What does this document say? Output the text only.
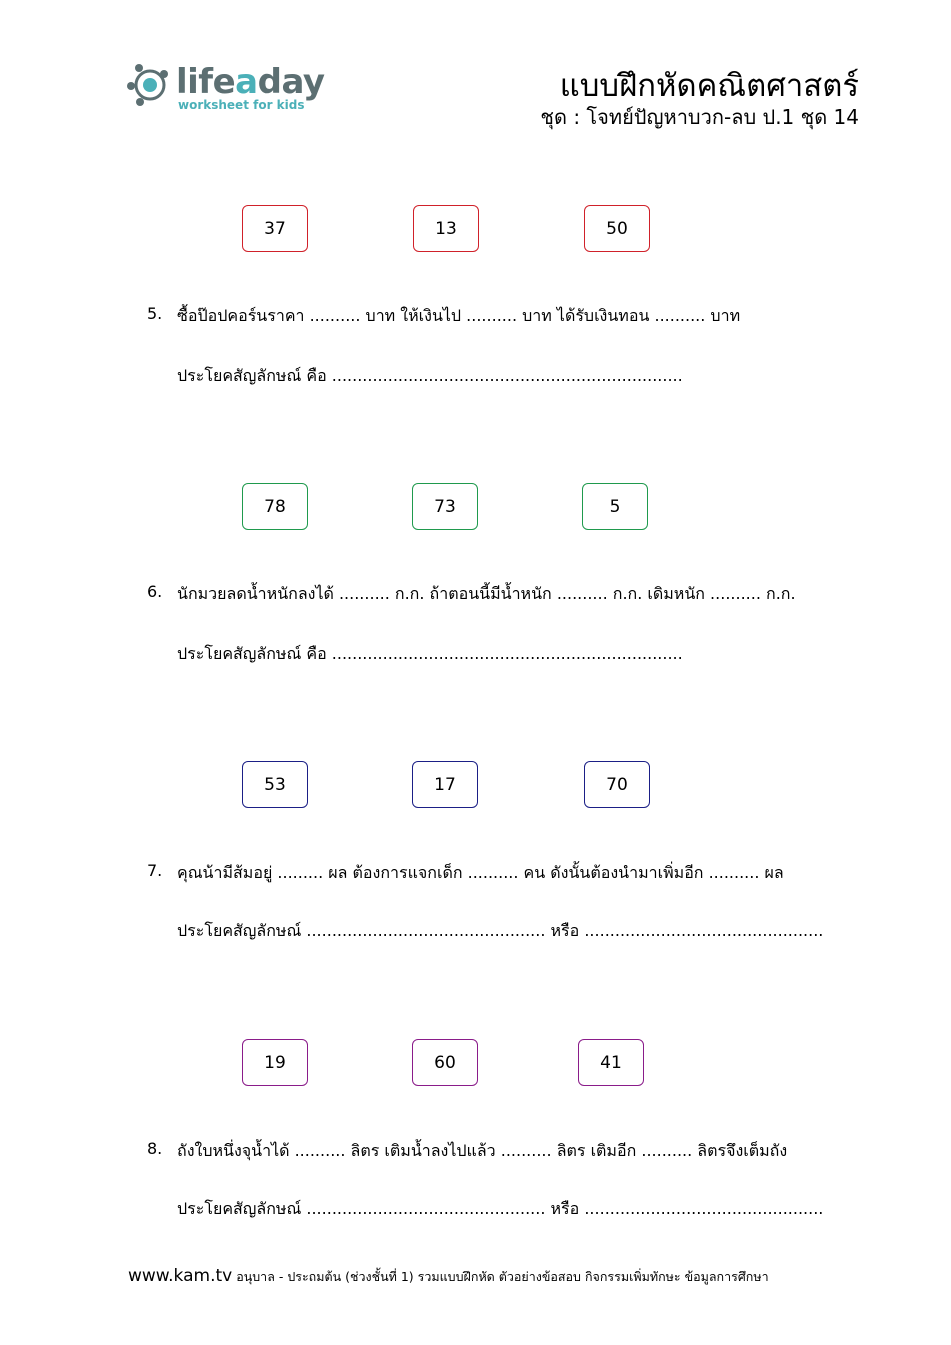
lifeaday
worksheet for kids
แบบฝึกหัดคณิตศาสตร์
ชุด : โจทย์ปัญหาบวก-ลบ ป.1 ชุด 14
37	13	50
5. ซื้อป๊อปคอร์นราคา .......... บาท ให้เงินไป .......... บาท ได้รับเงินทอน .......... บาท
ประโยคสัญลักษณ์ คือ .....................................................................
78	73	5
6. นักมวยลดน้ำหนักลงได้ .......... ก.ก. ถ้าตอนนี้มีน้ำหนัก .......... ก.ก. เดิมหนัก .......... ก.ก.
ประโยคสัญลักษณ์ คือ .....................................................................
53	17	70
7. คุณน้ามีส้มอยู่ ......... ผล ต้องการแจกเด็ก .......... คน ดังนั้นต้องนำมาเพิ่มอีก .......... ผล
ประโยคสัญลักษณ์ ............................................... หรือ ...............................................
19	60	41
8. ถังใบหนึ่งจุน้ำได้ .......... ลิตร เติมน้ำลงไปแล้ว .......... ลิตร เติมอีก .......... ลิตรจึงเต็มถัง
ประโยคสัญลักษณ์ ............................................... หรือ ...............................................
www.kam.tv อนุบาล - ประถมต้น (ช่วงชั้นที่ 1) รวมแบบฝึกหัด ตัวอย่างข้อสอบ กิจกรรมเพิ่มทักษะ ข้อมูลการศึกษา
